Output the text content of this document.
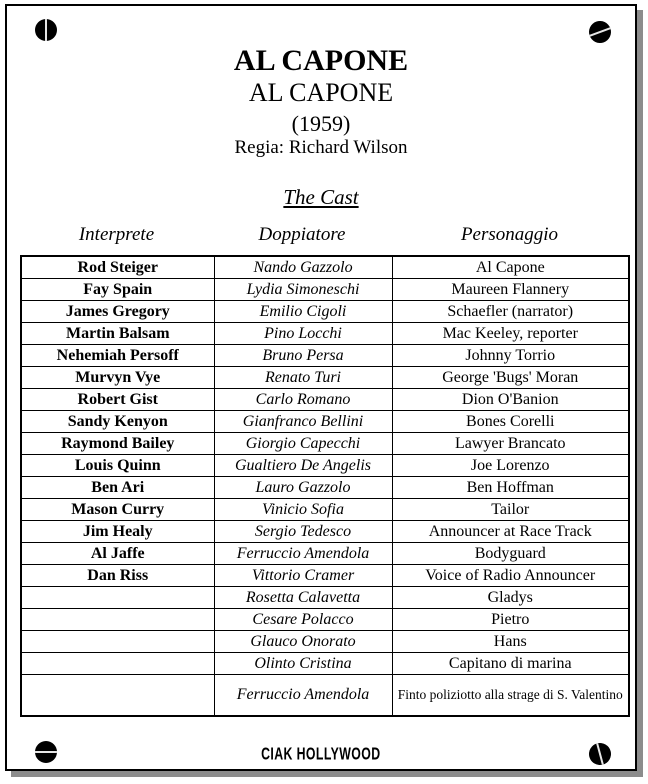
AL CAPONE
AL CAPONE
(1959)
Regia: Richard Wilson
The Cast
Interprete	Doppiatore	Personaggio
Rod Steiger	Nando Gazzolo	Al Capone
Fay Spain	Lydia Simoneschi	Maureen Flannery
James Gregory	Emilio Cigoli	Schaefler (narrator)
Martin Balsam	Pino Locchi	Mac Keeley, reporter
Nehemiah Persoff	Bruno Persa	Johnny Torrio
Murvyn Vye	Renato Turi	George 'Bugs' Moran
Robert Gist	Carlo Romano	Dion O'Banion
Sandy Kenyon	Gianfranco Bellini	Bones Corelli
Raymond Bailey	Giorgio Capecchi	Lawyer Brancato
Louis Quinn	Gualtiero De Angelis	Joe Lorenzo
Ben Ari	Lauro Gazzolo	Ben Hoffman
Mason Curry	Vinicio Sofia	Tailor
Jim Healy	Sergio Tedesco	Announcer at Race Track
Al Jaffe	Ferruccio Amendola	Bodyguard
Dan Riss	Vittorio Cramer	Voice of Radio Announcer
	Rosetta Calavetta	Gladys
	Cesare Polacco	Pietro
	Glauco Onorato	Hans
	Olinto Cristina	Capitano di marina
	Ferruccio Amendola	Finto poliziotto alla strage di S. Valentino
CIAK HOLLYWOOD
